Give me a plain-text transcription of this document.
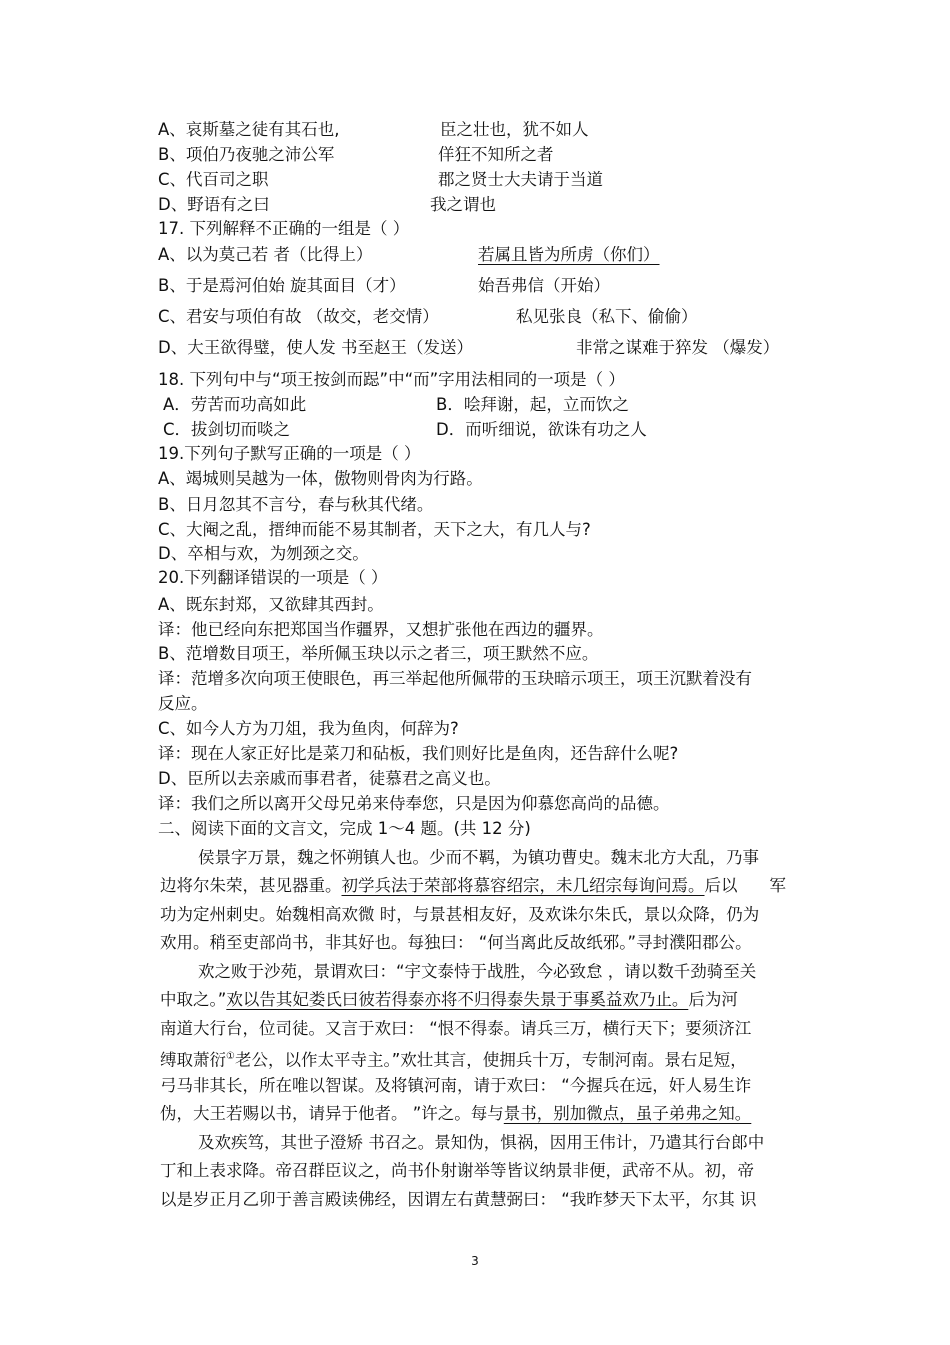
A、哀斯墓之徒有其石也,	臣之壮也，犹不如人
B、项伯乃夜驰之沛公军	佯狂不知所之者
C、代百司之职	郡之贤士大夫请于当道
D、野语有之曰	我之谓也
17. 下列解释不正确的一组是（ ）
A、以为莫己若 者（比得上）	若属且皆为所虏（你们）
B、于是焉河伯始 旋其面目（才）	始吾弗信（开始）
C、君安与项伯有故 （故交，老交情）	私见张良（私下、偷偷）
D、大王欲得璧，使人发 书至赵王（发送）	非常之谋难于猝发 （爆发）
18. 下列句中与“项王按剑而跽”中“而”字用法相同的一项是（ ）
A．劳苦而功高如此	B．哙拜谢，起，立而饮之
C．拔剑切而啖之	D．而听细说，欲诛有功之人
19.下列句子默写正确的一项是（ ）
A、竭城则吴越为一体，傲物则骨肉为行路。
B、日月忽其不言兮，春与秋其代绪。
C、大阉之乱，搢绅而能不易其制者，天下之大，有几人与?
D、卒相与欢，为刎颈之交。
20.下列翻译错误的一项是（ ）
A、既东封郑，又欲肆其西封。
译：他已经向东把郑国当作疆界，又想扩张他在西边的疆界。
B、范增数目项王，举所佩玉玦以示之者三，项王默然不应。
译：范增多次向项王使眼色，再三举起他所佩带的玉玦暗示项王，项王沉默着没有
反应。
C、如今人方为刀俎，我为鱼肉，何辞为?
译：现在人家正好比是菜刀和砧板，我们则好比是鱼肉，还告辞什么呢?
D、臣所以去亲戚而事君者，徒慕君之高义也。
译：我们之所以离开父母兄弟来侍奉您，只是因为仰慕您高尚的品德。
二、阅读下面的文言文，完成 1～4 题。(共 12 分)
侯景字万景，魏之怀朔镇人也。少而不羁，为镇功曹史。魏末北方大乱，乃事
边将尔朱荣，甚见器重。初学兵法于荣部将慕容绍宗，未几绍宗每询问焉。后以 军
功为定州刺史。始魏相高欢微 时，与景甚相友好，及欢诛尔朱氏，景以众降，仍为
欢用。稍至吏部尚书，非其好也。每独曰： “何当离此反故纸邪。”寻封濮阳郡公。
欢之败于沙苑，景谓欢曰：“宇文泰恃于战胜，今必致怠 ，请以数千劲骑至关
中取之。”欢以告其妃娄氏曰彼若得泰亦将不归得泰失景于事奚益欢乃止。后为河
南道大行台，位司徒。又言于欢曰： “恨不得泰。请兵三万，横行天下；要须济江
缚取萧衍①老公，以作太平寺主。”欢壮其言，使拥兵十万，专制河南。景右足短，
弓马非其长，所在唯以智谋。及将镇河南，请于欢曰： “今握兵在远，奸人易生诈
伪，大王若赐以书，请异于他者。 ”许之。每与景书，别加微点，虽子弟弗之知。
及欢疾笃，其世子澄矫 书召之。景知伪，惧祸，因用王伟计，乃遣其行台郎中
丁和上表求降。帝召群臣议之，尚书仆射谢举等皆议纳景非便，武帝不从。初，帝
以是岁正月乙卯于善言殿读佛经，因谓左右黄慧弼曰： “我昨梦天下太平，尔其 识
3
